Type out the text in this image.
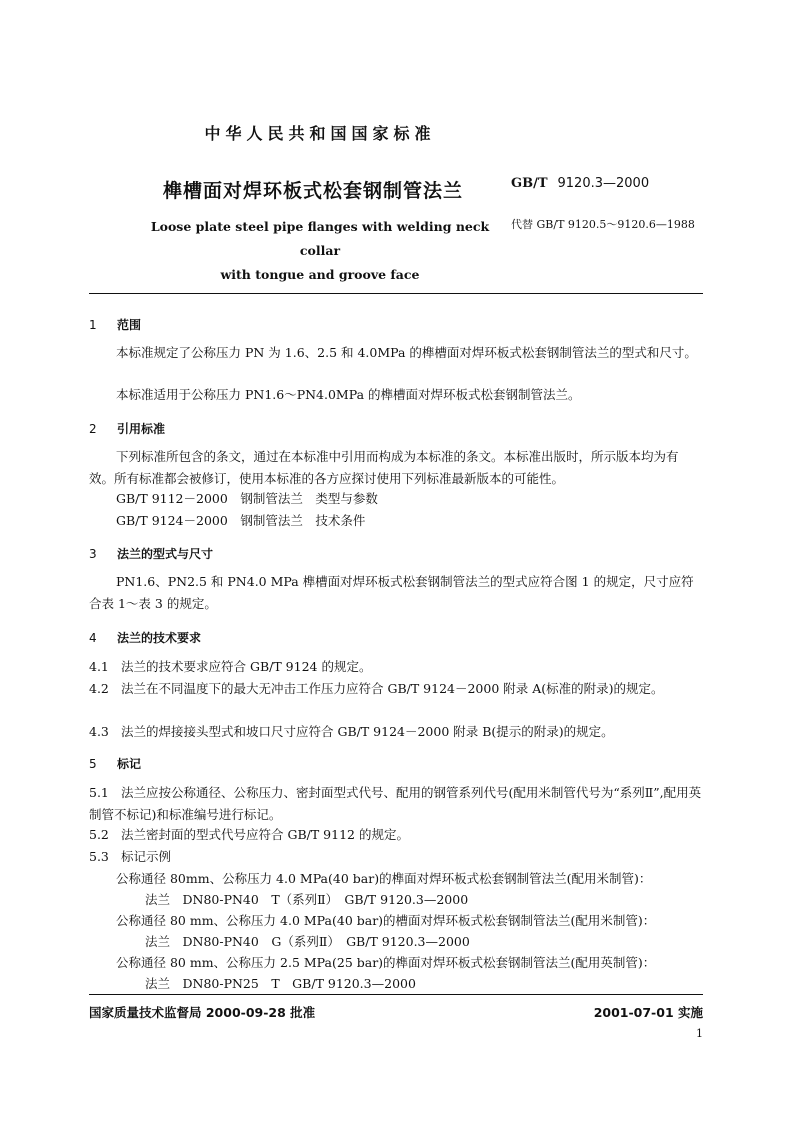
中华人民共和国国家标准
榫槽面对焊环板式松套钢制管法兰	GB/T 9120.3—2000
Loose plate steel pipe flanges with welding neck collar
with tongue and groove face
代替 GB/T 9120.5～9120.6—1988
1 范围
本标准规定了公称压力 PN 为 1.6、2.5 和 4.0MPa 的榫槽面对焊环板式松套钢制管法兰的型式和尺寸。
本标准适用于公称压力 PN1.6～PN4.0MPa 的榫槽面对焊环板式松套钢制管法兰。
2 引用标准
下列标准所包含的条文，通过在本标准中引用而构成为本标准的条文。本标准出版时，所示版本均为有效。所有标准都会被修订，使用本标准的各方应探讨使用下列标准最新版本的可能性。
GB/T 9112－2000　钢制管法兰　类型与参数
GB/T 9124－2000　钢制管法兰　技术条件
3 法兰的型式与尺寸
PN1.6、PN2.5 和 PN4.0 MPa 榫槽面对焊环板式松套钢制管法兰的型式应符合图 1 的规定，尺寸应符合表 1～表 3 的规定。
4 法兰的技术要求
4.1 法兰的技术要求应符合 GB/T 9124 的规定。
4.2 法兰在不同温度下的最大无冲击工作压力应符合 GB/T 9124－2000 附录 A(标准的附录)的规定。
4.3 法兰的焊接接头型式和坡口尺寸应符合 GB/T 9124－2000 附录 B(提示的附录)的规定。
5 标记
5.1 法兰应按公称通径、公称压力、密封面型式代号、配用的钢管系列代号(配用米制管代号为“系列Ⅱ”,配用英制管不标记)和标准编号进行标记。
5.2 法兰密封面的型式代号应符合 GB/T 9112 的规定。
5.3 标记示例
公称通径 80mm、公称压力 4.0 MPa(40 bar)的榫面对焊环板式松套钢制管法兰(配用米制管)：
法兰　DN80-PN40　T（系列Ⅱ）　GB/T 9120.3—2000
公称通径 80 mm、公称压力 4.0 MPa(40 bar)的槽面对焊环板式松套钢制管法兰(配用米制管)：
法兰　DN80-PN40　G（系列Ⅱ）　GB/T 9120.3—2000
公称通径 80 mm、公称压力 2.5 MPa(25 bar)的榫面对焊环板式松套钢制管法兰(配用英制管)：
法兰　DN80-PN25　T　GB/T 9120.3—2000
国家质量技术监督局 2000-09-28 批准	2001-07-01 实施
1
